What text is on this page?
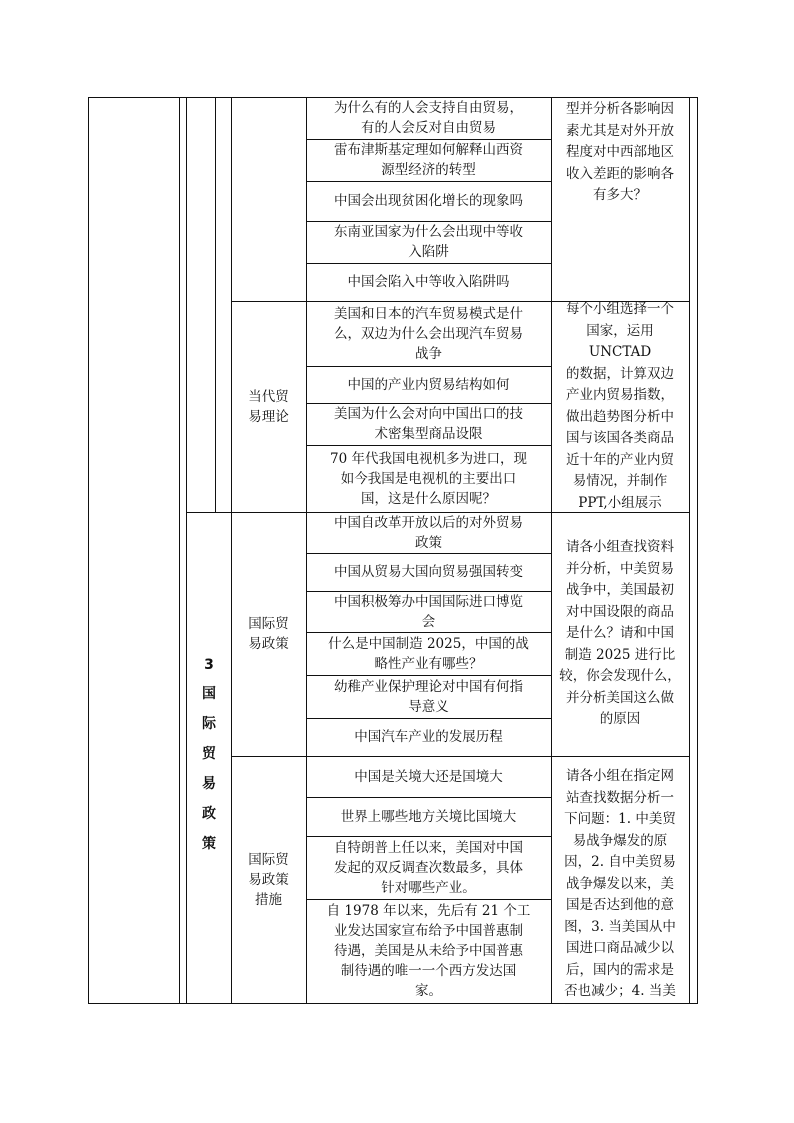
为什么有的人会支持自由贸易，
有的人会反对自由贸易
雷布津斯基定理如何解释山西资
源型经济的转型
中国会出现贫困化增长的现象吗
东南亚国家为什么会出现中等收
入陷阱
中国会陷入中等收入陷阱吗
型并分析各影响因
素尤其是对外开放
程度对中西部地区
收入差距的影响各
有多大？
当代贸
易理论
美国和日本的汽车贸易模式是什
么，双边为什么会出现汽车贸易
战争
中国的产业内贸易结构如何
美国为什么会对向中国出口的技
术密集型商品设限
70 年代我国电视机多为进口，现
如今我国是电视机的主要出口
国，这是什么原因呢？
每个小组选择一个
国家，运用 UNCTAD
的数据，计算双边
产业内贸易指数，
做出趋势图分析中
国与该国各类商品
近十年的产业内贸
易情况，并制作
PPT,小组展示
国际贸
易政策
中国自改革开放以后的对外贸易
政策
中国从贸易大国向贸易强国转变
中国积极筹办中国国际进口博览
会
什么是中国制造 2025，中国的战
略性产业有哪些？
幼稚产业保护理论对中国有何指
导意义
中国汽车产业的发展历程
请各小组查找资料
并分析，中美贸易
战争中，美国最初
对中国设限的商品
是什么？请和中国
制造 2025 进行比
较，你会发现什么，
并分析美国这么做
的原因
国际贸
易政策
措施
中国是关境大还是国境大
世界上哪些地方关境比国境大
自特朗普上任以来，美国对中国
发起的双反调查次数最多，具体
针对哪些产业。
自 1978 年以来，先后有 21 个工
业发达国家宣布给予中国普惠制
待遇，美国是从未给予中国普惠
制待遇的唯一一个西方发达国
家。
请各小组在指定网
站查找数据分析一
下问题：1. 中美贸
易战争爆发的原
因，2. 自中美贸易
战争爆发以来，美
国是否达到他的意
图，3. 当美国从中
国进口商品减少以
后，国内的需求是
否也减少；4. 当美
3
国
际
贸
易
政
策
